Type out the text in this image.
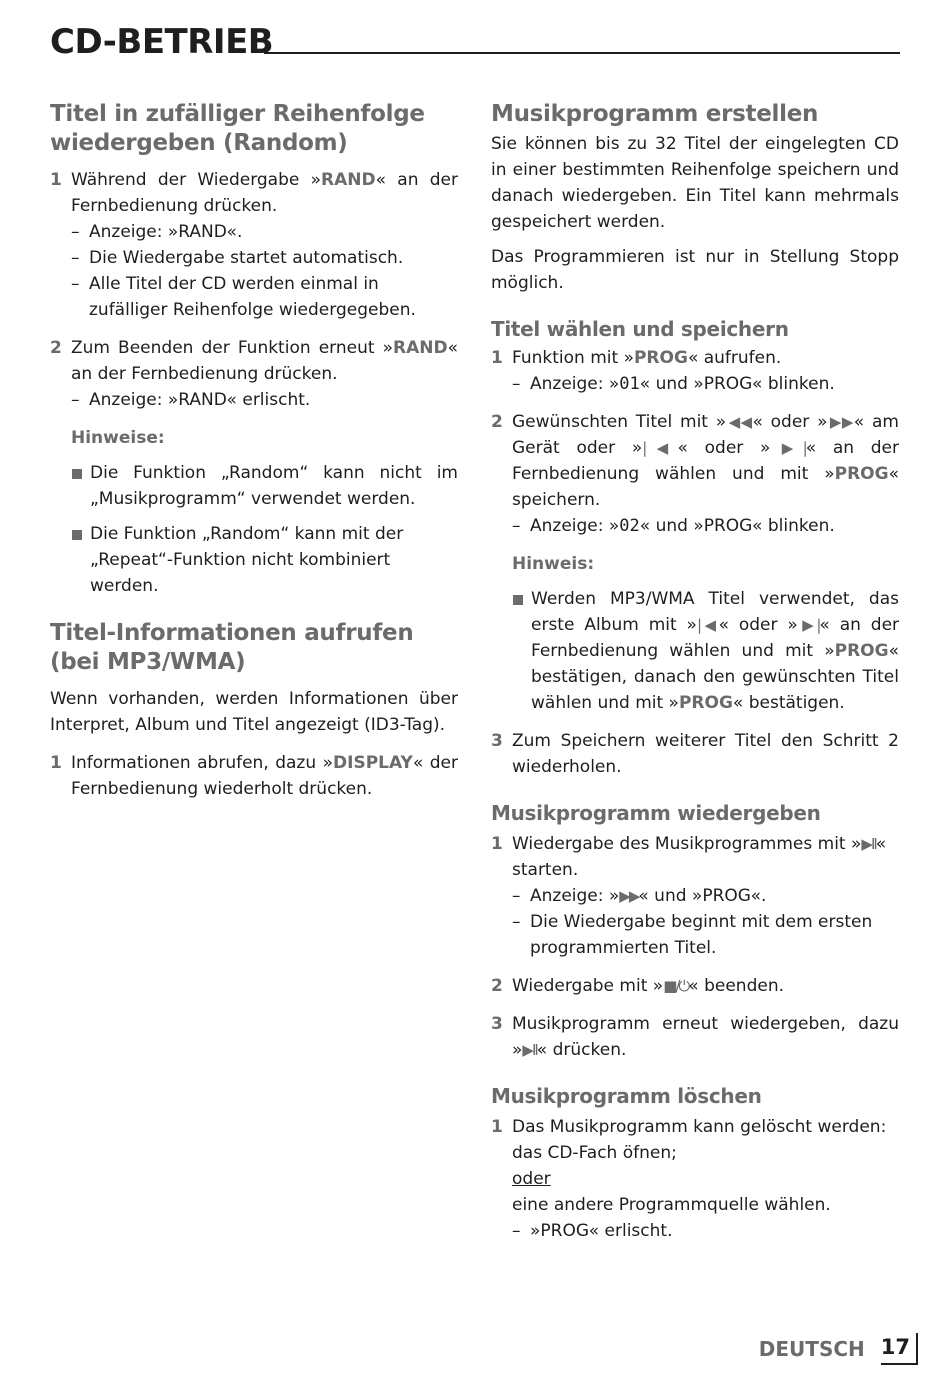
CD-BETRIEB
Titel in zufälliger Reihenfolge wiedergeben (Random)
1 Während der Wiedergabe »RAND« an der Fernbedienung drücken.
– Anzeige: »RAND«.
– Die Wiedergabe startet automatisch.
– Alle Titel der CD werden einmal in zufälliger Reihenfolge wiedergegeben.
2 Zum Beenden der Funktion erneut »RAND« an der Fernbedienung drücken.
– Anzeige: »RAND« erlischt.
Hinweise:
Die Funktion „Random“ kann nicht im „Musikprogramm“ verwendet werden.
Die Funktion „Random“ kann mit der „Repeat“-Funktion nicht kombiniert werden.
Titel-Informationen aufrufen (bei MP3/WMA)

Wenn vorhanden, werden Informationen über Interpret, Album und Titel angezeigt (ID3-Tag).

1 Informationen abrufen, dazu »DISPLAY« der Fernbedienung wiederholt drücken.
Musikprogramm erstellen

Sie können bis zu 32 Titel der eingelegten CD in einer bestimmten Reihenfolge speichern und danach wiedergeben. Ein Titel kann mehrmals gespeichert werden.

Das Programmieren ist nur in Stellung Stopp möglich.

Titel wählen und speichern
1 Funktion mit »PROG« aufrufen.
– Anzeige: »01« und »PROG« blinken.
2 Gewünschten Titel mit »◀◀« oder »▶▶« am Gerät oder »|◀« oder »▶|« an der Fernbedienung wählen und mit »PROG« speichern.
– Anzeige: »02« und »PROG« blinken.
Hinweis:
Werden MP3/WMA Titel verwendet, das erste Album mit »|◀« oder »▶|« an der Fernbedienung wählen und mit »PROG« bestätigen, danach den gewünschten Titel wählen und mit »PROG« bestätigen.
3 Zum Speichern weiterer Titel den Schritt 2 wiederholen.
Musikprogramm wiedergeben
1 Wiedergabe des Musikprogrammes mit »▶II« starten.
– Anzeige: »▶▶« und »PROG«.
– Die Wiedergabe beginnt mit dem ersten programmierten Titel.
2 Wiedergabe mit »■/⏻« beenden.
3 Musikprogramm erneut wiedergeben, dazu »▶II« drücken.
Musikprogramm löschen
1 Das Musikprogramm kann gelöscht werden:
das CD-Fach öfnen;
oder
eine andere Programmquelle wählen.
– »PROG« erlischt.
DEUTSCH 17
